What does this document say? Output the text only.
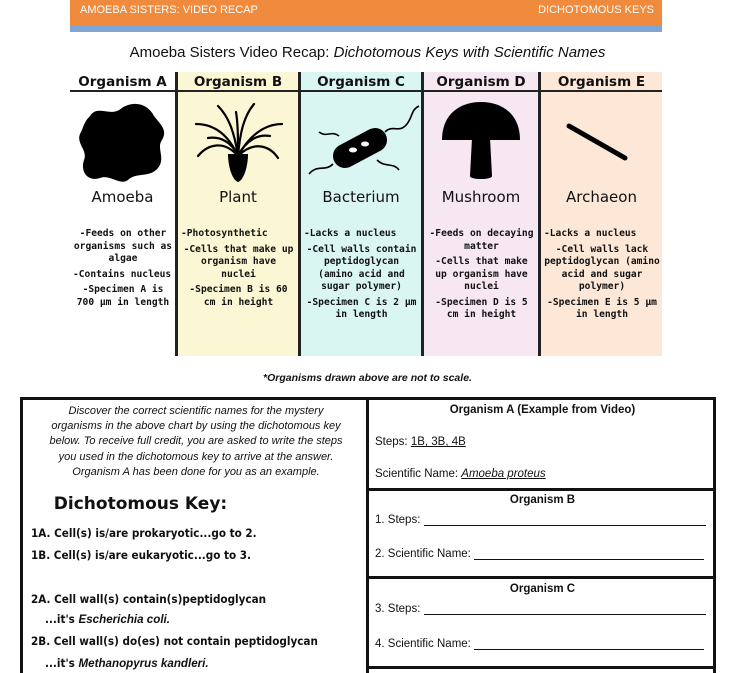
AMOEBA SISTERS: VIDEO RECAP	DICHOTOMOUS KEYS
Amoeba Sisters Video Recap: Dichotomous Keys with Scientific Names
Organism A
Amoeba

-Feeds on other organisms such as algae

-Contains nucleus

-Specimen A is 700 µm in length

Organism B
Plant

-Photosynthetic

-Cells that make up organism have nuclei

-Specimen B is 60 cm in height

Organism C
Bacterium

-Lacks a nucleus

-Cell walls contain peptidoglycan (amino acid and sugar polymer)

-Specimen C is 2 µm in length

Organism D
Mushroom

-Feeds on decaying matter

-Cells that make up organism have nuclei

-Specimen D is 5 cm in height

Organism E
Archaeon

-Lacks a nucleus

-Cell walls lack peptidoglycan (amino acid and sugar polymer)

-Specimen E is 5 µm in length

*Organisms drawn above are not to scale.
Discover the correct scientific names for the mystery
organisms in the above chart by using the dichotomous key
below. To receive full credit, you are asked to write the steps
you used in the dichotomous key to arrive at the answer.
Organism A has been done for you as an example.
Dichotomous Key:
1A. Cell(s) is/are prokaryotic...go to 2.
1B. Cell(s) is/are eukaryotic...go to 3.
2A. Cell wall(s) contain(s)peptidoglycan
...it's Escherichia coli.
2B. Cell wall(s) do(es) not contain peptidoglycan
...it's Methanopyrus kandleri.
Organism A (Example from Video)
Steps: 1B, 3B, 4B
Scientific Name: Amoeba proteus
Organism B
1. Steps:
2. Scientific Name:
Organism C
3. Steps:
4. Scientific Name:
